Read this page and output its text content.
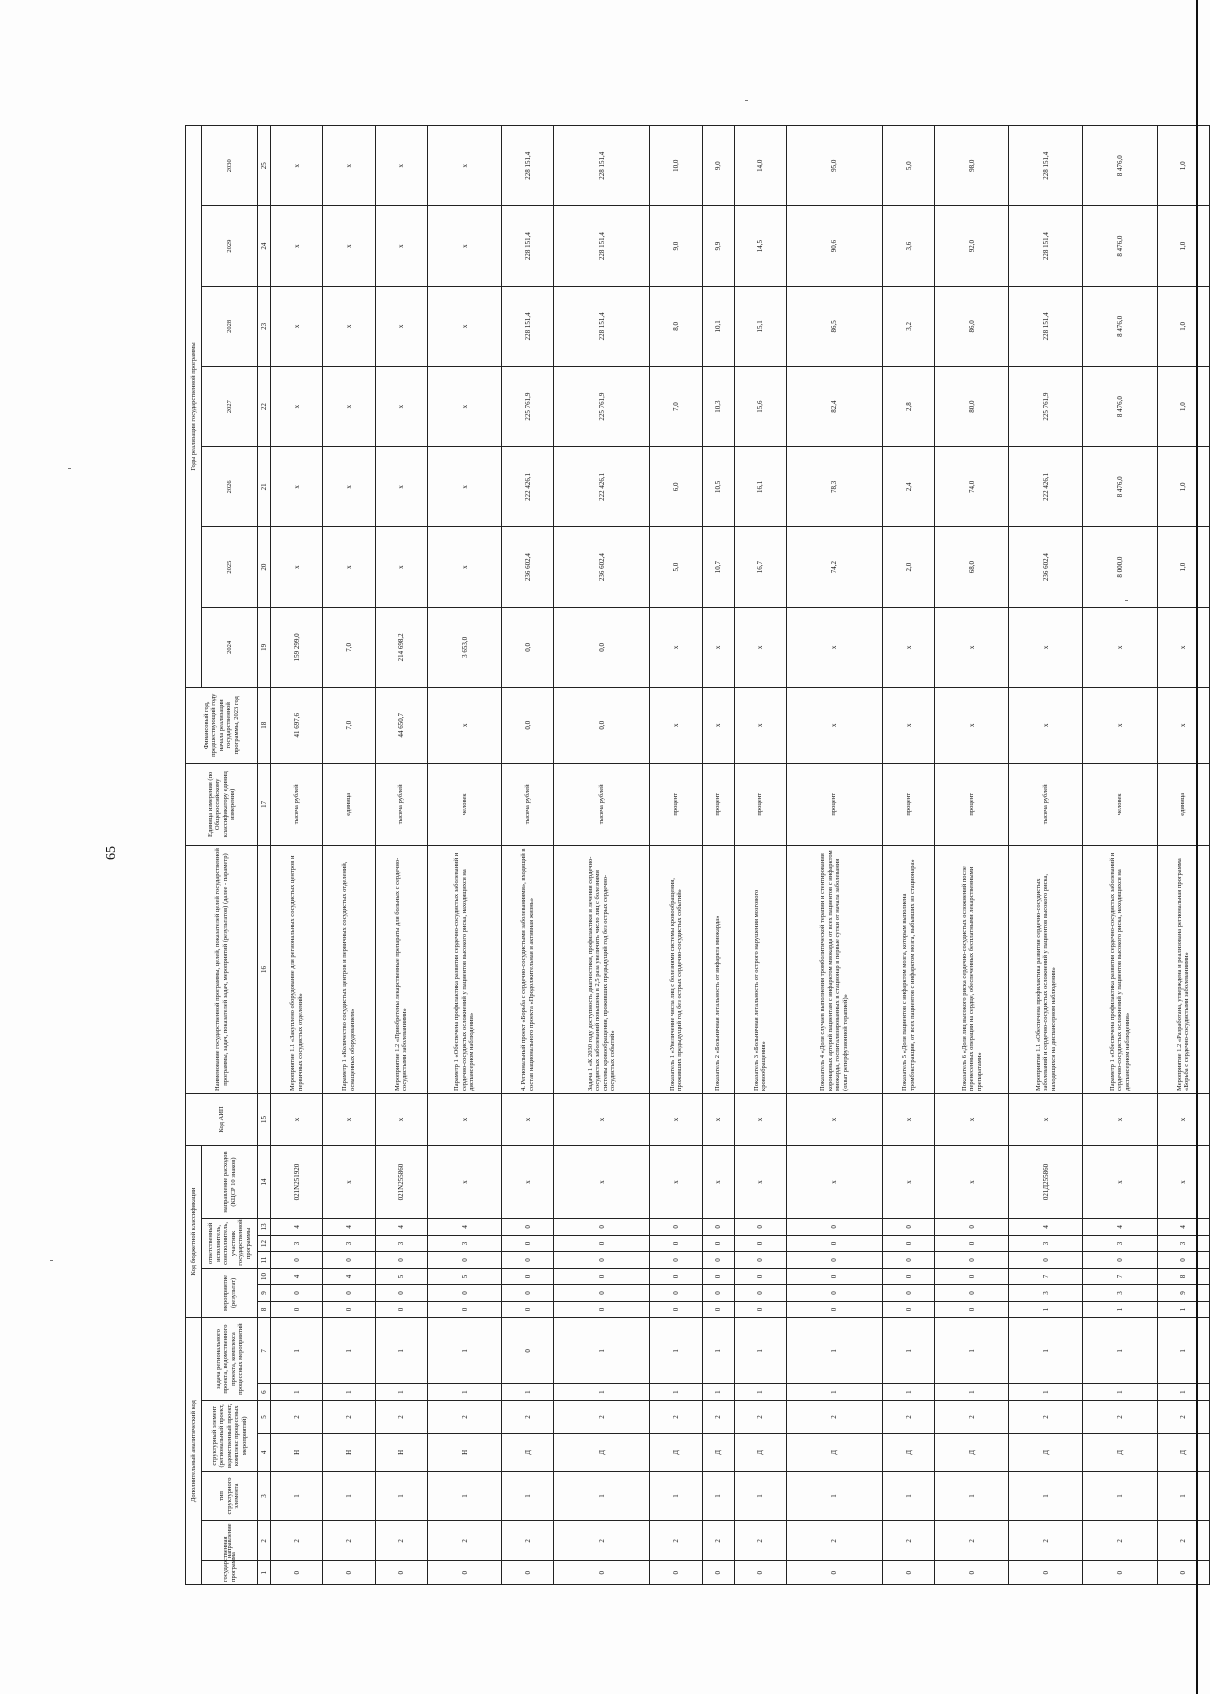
65
Дополнительный аналитический код							Код бюджетной классификации							Код АИП	Наименование государственной программы, целей, показателей целей государственной программы, задач, показателей задач, мероприятий (результатов) (далее - параметр)	Единица измерения (по Общероссийскому классификатору единиц измерения)	Финансовый год, предшествующий году начала реализации государственной программы, 2023 год	Годы реализации государственной программы						
государственная программа	направление	тип структурного элемента	структурный элемент (региональный проект, ведомственный проект, комплекс процессных мероприятий)		задача регионального проекта, ведомственного проекта, комплекса процессных мероприятий		мероприятие (результат)			ответственный исполнитель, соисполнитель, участник государственной программы			направление расходов (КЦСР 10 знаков)					2024	2025	2026	2027	2028	2029	2030

1	2	3	4	5	6	7	8	9	10	11	12	13	14	15	16	17	18	19	20	21	22	23	24	25
0	2	1	Н	2	1	1	0	0	4	0	3	4	021N251920	x	Мероприятие 1.1 «Закуплено оборудование для региональных сосудистых центров и первичных сосудистых отделений»	тысяча рублей	41 697,6	159 299,0	x	x	x	x	x	x
0	2	1	Н	2	1	1	0	0	4	0	3	4	x	x	Параметр 1 «Количество сосудистых центров и первичных сосудистых отделений, оснащенных оборудованием»	единица	7,0	7,0	x	x	x	x	x	x
0	2	1	Н	2	1	1	0	0	5	0	3	4	021N255860	x	Мероприятие 1.2 «Приобретены лекарственные препараты для больных с сердечно-сосудистыми заболеваниями»	тысяча рублей	44 650,7	214 698,2	x	x	x	x	x	x
0	2	1	Н	2	1	1	0	0	5	0	3	4	x	x	Параметр 1 «Обеспечена профилактика развития сердечно-сосудистых заболеваний и сердечно-сосудистых осложнений у пациентов высокого риска, находящихся на диспансерном наблюдении»	человек	x	3 653,0	x	x	x	x	x	x
0	2	1	Д	2	1	0	0	0	0	0	0	0	x	x	4. Региональный проект «Борьба с сердечно-сосудистыми заболеваниями», входящий в состав национального проекта «Продолжительная и активная жизнь»	тысяча рублей	0,0	0,0	236 602,4	222 426,1	225 761,9	228 151,4	228 151,4	228 151,4
0	2	1	Д	2	1	1	0	0	0	0	0	0	x	x	Задача 1 «К 2030 году доступность диагностики, профилактики и лечения сердечно-сосудистых заболеваний повышена в 2,5 раза увеличить число лиц с болезнями системы кровообращения, проживших предыдущий год без острых сердечно-сосудистых событий»	тысяча рублей	0,0	0,0	236 602,4	222 426,1	225 761,9	228 151,4	228 151,4	228 151,4
0	2	1	Д	2	1	1	0	0	0	0	0	0	x	x	Показатель 1 «Увеличение числа лиц с болезнями системы кровообращения, проживших предыдущий год без острых сердечно-сосудистых событий»	процент	x	x	5,0	6,0	7,0	8,0	9,0	10,0
0	2	1	Д	2	1	1	0	0	0	0	0	0	x	x	Показатель 2 «Больничная летальность от инфаркта миокарда»	процент	x	x	10,7	10,5	10,3	10,1	9,9	9,0
0	2	1	Д	2	1	1	0	0	0	0	0	0	x	x	Показатель 3 «Больничная летальность от острого нарушения мозгового кровообращения»	процент	x	x	16,7	16,1	15,6	15,1	14,5	14,0
0	2	1	Д	2	1	1	0	0	0	0	0	0	x	x	Показатель 4 «Доля случаев выполнения тромболитической терапии и стентирования коронарных артерий пациентам с инфарктом миокарда от всех пациентов с инфарктом миокарда, госпитализированных в стационар в первые сутки от начала заболевания (охват реперфузионной терапией)»	процент	x	x	74,2	78,3	82,4	86,5	90,6	95,0
0	2	1	Д	2	1	1	0	0	0	0	0	0	x	x	Показатель 5 «Доля пациентов с инфарктом мозга, которым выполнена тромбэкстракция, от всех пациентов с инфарктом мозга, выбывших из стационара»	процент	x	x	2,0	2,4	2,8	3,2	3,6	5,0
0	2	1	Д	2	1	1	0	0	0	0	0	0	x	x	Показатель 6 «Доля лиц высокого риска сердечно-сосудистых осложнений после перенесенных операции на сердце, обеспеченных бесплатными лекарственными препаратами»	процент	x	x	68,0	74,0	80,0	86,0	92,0	98,0
0	2	1	Д	2	1	1	1	3	7	0	3	4	021Д255860	x	Мероприятие 1.1 «Обеспечена профилактика развития сердечно-сосудистых заболеваний и сердечно-сосудистых осложнений у пациентов высокого риска, находящихся на диспансерном наблюдении»	тысяча рублей	x	x	236 602,4	222 426,1	225 761,9	228 151,4	228 151,4	228 151,4
0	2	1	Д	2	1	1	1	3	7	0	3	4	x	x	Параметр 1 «Обеспечена профилактика развития сердечно-сосудистых заболеваний и сердечно-сосудистых осложнений у пациентов высокого риска, находящихся на диспансерном наблюдении»	человек	x	x	8 000,0	8 476,0	8 476,0	8 476,0	8 476,0	8 476,0
0	2	1	Д	2	1	1	1	9	8	0	3	4	x	x	Мероприятие 1.2 «Разработана, утверждена и реализована региональная программа «Борьба с сердечно-сосудистыми заболеваниями»	единица	x	x	1,0	1,0	1,0	1,0	1,0	1,0
